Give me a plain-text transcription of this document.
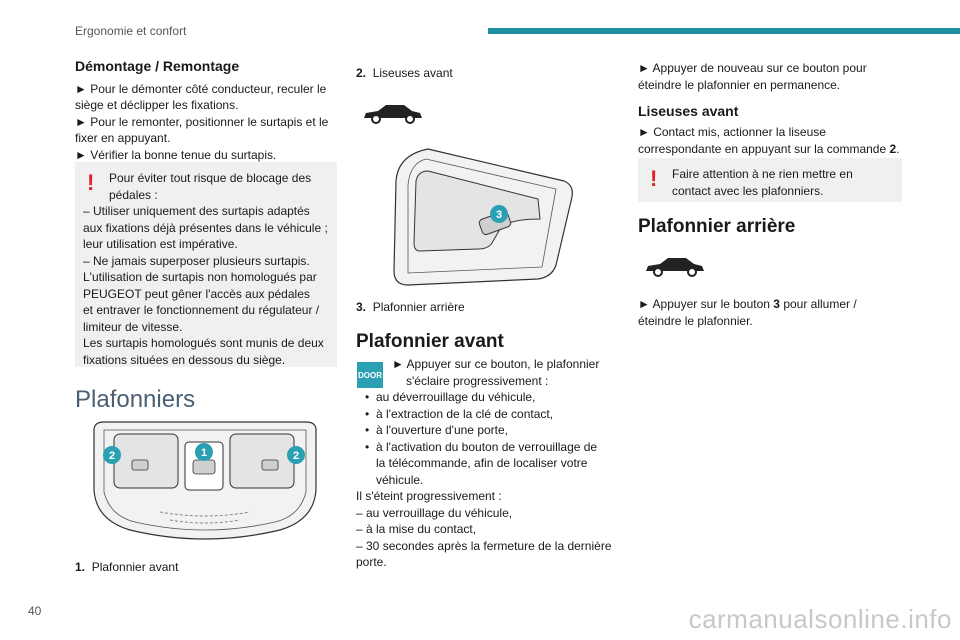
Ergonomie et confort
Démontage / Remontage

► Pour le démonter côté conducteur, reculer le

siège et déclipper les fixations.

► Pour le remonter, positionner le surtapis et le

fixer en appuyant.

► Vérifier la bonne tenue du surtapis.

!	Pour éviter tout risque de blocage des
pédales :
– Utiliser uniquement des surtapis adaptés
aux fixations déjà présentes dans le véhicule ;
leur utilisation est impérative.
– Ne jamais superposer plusieurs surtapis.
L'utilisation de surtapis non homologués par
PEUGEOT peut gêner l'accès aux pédales
et entraver le fonctionnement du régulateur /
limiteur de vitesse.
Les surtapis homologués sont munis de deux
fixations situées en dessous du siège.
Plafonniers
2	1	2
1. Plafonnier avant
2. Liseuses avant
3
3. Plafonnier arrière
Plafonnier avant
DOOR

► Appuyer sur ce bouton, le plafonnier

s'éclaire progressivement :

• au déverrouillage du véhicule,
• à l'extraction de la clé de contact,
• à l'ouverture d'une porte,
• à l'activation du bouton de verrouillage de

la télécommande, afin de localiser votre

véhicule.

Il s'éteint progressivement :

– au verrouillage du véhicule,

– à la mise du contact,

– 30 secondes après la fermeture de la dernière

porte.

► Appuyer de nouveau sur ce bouton pour

éteindre le plafonnier en permanence.

Liseuses avant

► Contact mis, actionner la liseuse

correspondante en appuyant sur la commande 2.

!	Faire attention à ne rien mettre en
contact avec les plafonniers.
Plafonnier arrière

► Appuyer sur le bouton 3 pour allumer /

éteindre le plafonnier.

40	carmanualsonline.info
